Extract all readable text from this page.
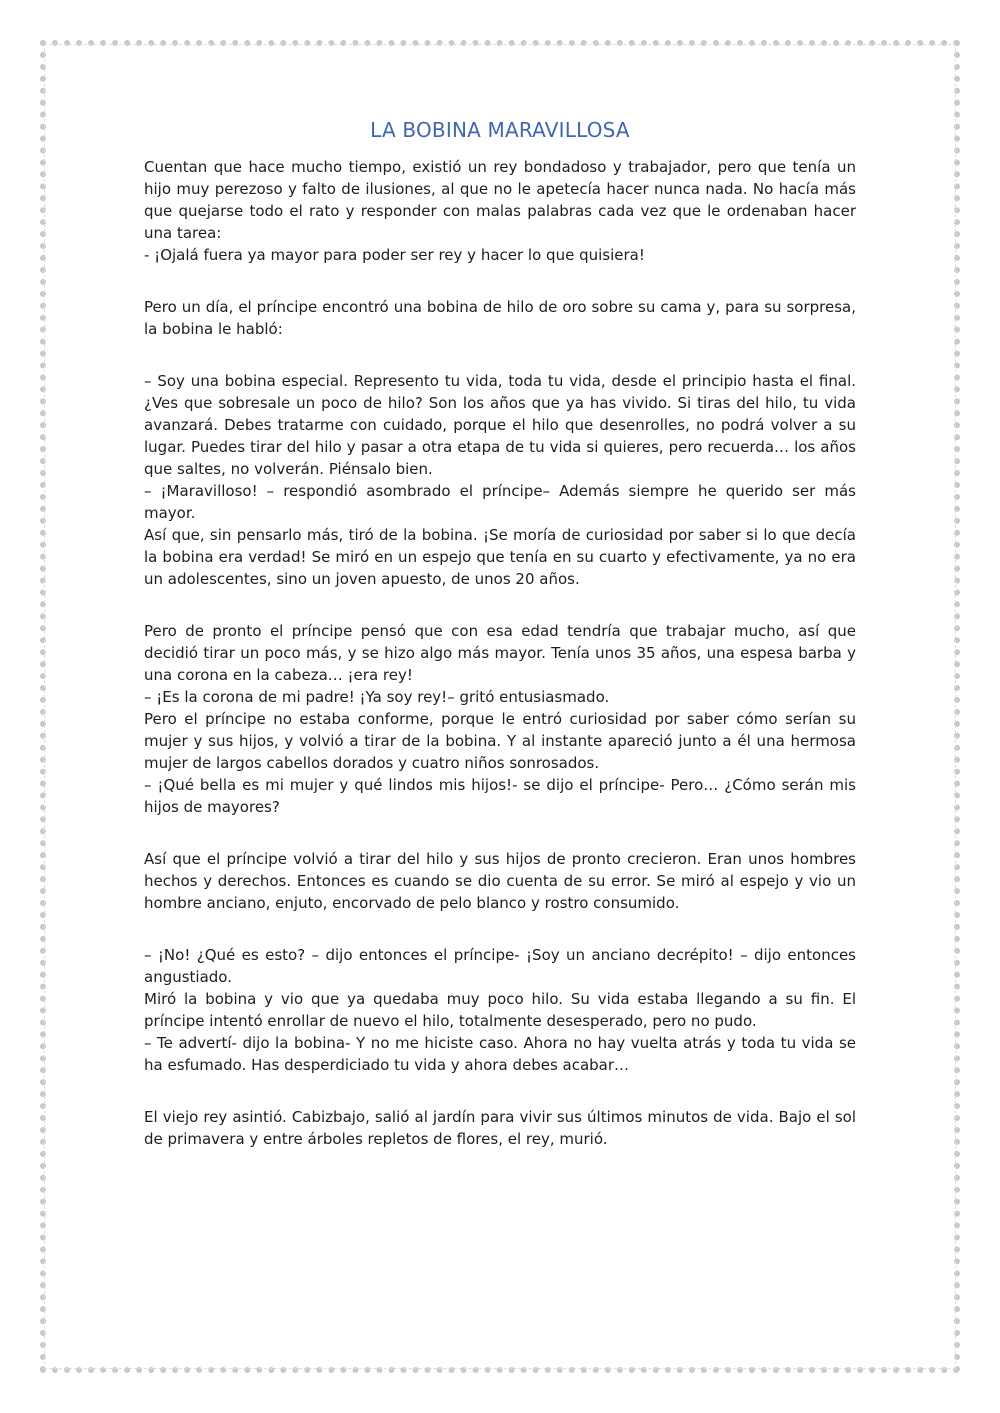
LA BOBINA MARAVILLOSA

Cuentan que hace mucho tiempo, existió un rey bondadoso y trabajador, pero que tenía un hijo muy perezoso y falto de ilusiones, al que no le apetecía hacer nunca nada. No hacía más que quejarse todo el rato y responder con malas palabras cada vez que le ordenaban hacer una tarea:
- ¡Ojalá fuera ya mayor para poder ser rey y hacer lo que quisiera!

Pero un día, el príncipe encontró una bobina de hilo de oro sobre su cama y, para su sorpresa, la bobina le habló:

– Soy una bobina especial. Represento tu vida, toda tu vida, desde el principio hasta el final. ¿Ves que sobresale un poco de hilo? Son los años que ya has vivido. Si tiras del hilo, tu vida avanzará. Debes tratarme con cuidado, porque el hilo que desenrolles, no podrá volver a su lugar. Puedes tirar del hilo y pasar a otra etapa de tu vida si quieres, pero recuerda… los años que saltes, no volverán. Piénsalo bien.
– ¡Maravilloso! – respondió asombrado el príncipe– Además siempre he querido ser más mayor.
Así que, sin pensarlo más, tiró de la bobina. ¡Se moría de curiosidad por saber si lo que decía la bobina era verdad! Se miró en un espejo que tenía en su cuarto y efectivamente, ya no era un adolescentes, sino un joven apuesto, de unos 20 años.

Pero de pronto el príncipe pensó que con esa edad tendría que trabajar mucho, así que decidió tirar un poco más, y se hizo algo más mayor. Tenía unos 35 años, una espesa barba y una corona en la cabeza… ¡era rey!
– ¡Es la corona de mi padre! ¡Ya soy rey!– gritó entusiasmado.
Pero el príncipe no estaba conforme, porque le entró curiosidad por saber cómo serían su mujer y sus hijos, y volvió a tirar de la bobina. Y al instante apareció junto a él una hermosa mujer de largos cabellos dorados y cuatro niños sonrosados.
– ¡Qué bella es mi mujer y qué lindos mis hijos!- se dijo el príncipe- Pero… ¿Cómo serán mis hijos de mayores?

Así que el príncipe volvió a tirar del hilo y sus hijos de pronto crecieron. Eran unos hombres hechos y derechos. Entonces es cuando se dio cuenta de su error. Se miró al espejo y vio un hombre anciano, enjuto, encorvado de pelo blanco y rostro consumido.

– ¡No! ¿Qué es esto? – dijo entonces el príncipe- ¡Soy un anciano decrépito! – dijo entonces angustiado.
Miró la bobina y vio que ya quedaba muy poco hilo. Su vida estaba llegando a su fin. El príncipe intentó enrollar de nuevo el hilo, totalmente desesperado, pero no pudo.
– Te advertí- dijo la bobina- Y no me hiciste caso. Ahora no hay vuelta atrás y toda tu vida se ha esfumado. Has desperdiciado tu vida y ahora debes acabar…

El viejo rey asintió. Cabizbajo, salió al jardín para vivir sus últimos minutos de vida. Bajo el sol de primavera y entre árboles repletos de flores, el rey, murió.
